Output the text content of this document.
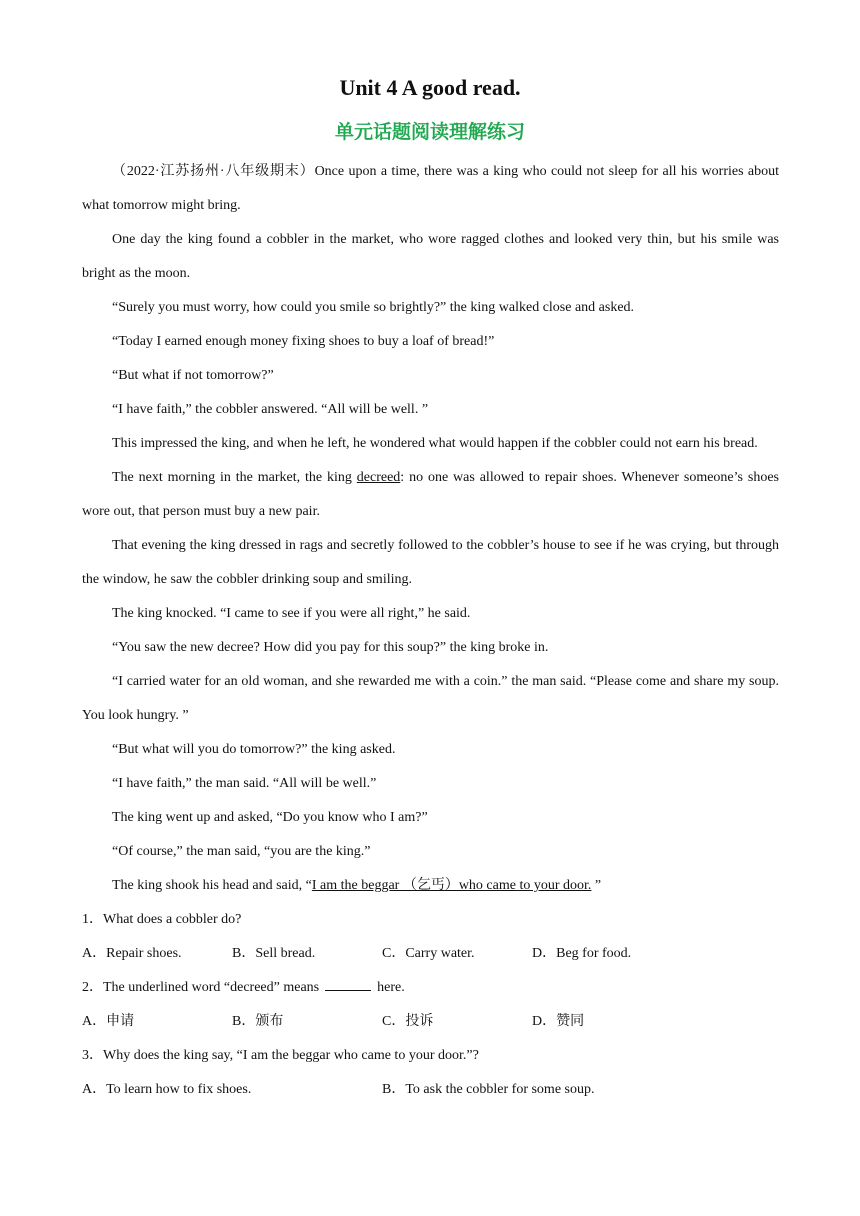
Unit 4 A good read.
单元话题阅读理解练习

（2022·江苏扬州·八年级期末）Once upon a time, there was a king who could not sleep for all his worries about what tomorrow might bring.

One day the king found a cobbler in the market, who wore ragged clothes and looked very thin, but his smile was bright as the moon.

“Surely you must worry, how could you smile so brightly?” the king walked close and asked.

“Today I earned enough money fixing shoes to buy a loaf of bread!”

“But what if not tomorrow?”

“I have faith,” the cobbler answered. “All will be well. ”

This impressed the king, and when he left, he wondered what would happen if the cobbler could not earn his bread.

The next morning in the market, the king decreed: no one was allowed to repair shoes. Whenever someone’s shoes wore out, that person must buy a new pair.

That evening the king dressed in rags and secretly followed to the cobbler’s house to see if he was crying, but through the window, he saw the cobbler drinking soup and smiling.

The king knocked. “I came to see if you were all right,” he said.

“You saw the new decree? How did you pay for this soup?” the king broke in.

“I carried water for an old woman, and she rewarded me with a coin.” the man said. “Please come and share my soup. You look hungry. ”

“But what will you do tomorrow?” the king asked.

“I have faith,” the man said. “All will be well.”

The king went up and asked, “Do you know who I am?”

“Of course,” the man said, “you are the king.”

The king shook his head and said, “I am the beggar （乞丐）who came to your door. ”

1．What does a cobbler do?

A．Repair shoes.	B．Sell bread.	C．Carry water.	D．Beg for food.

2．The underlined word “decreed” means	here.

A．申请	B．颁布	C．投诉	D．赞同

3．Why does the king say, “I am the beggar who came to your door.”?

A．To learn how to fix shoes.	B．To ask the cobbler for some soup.
